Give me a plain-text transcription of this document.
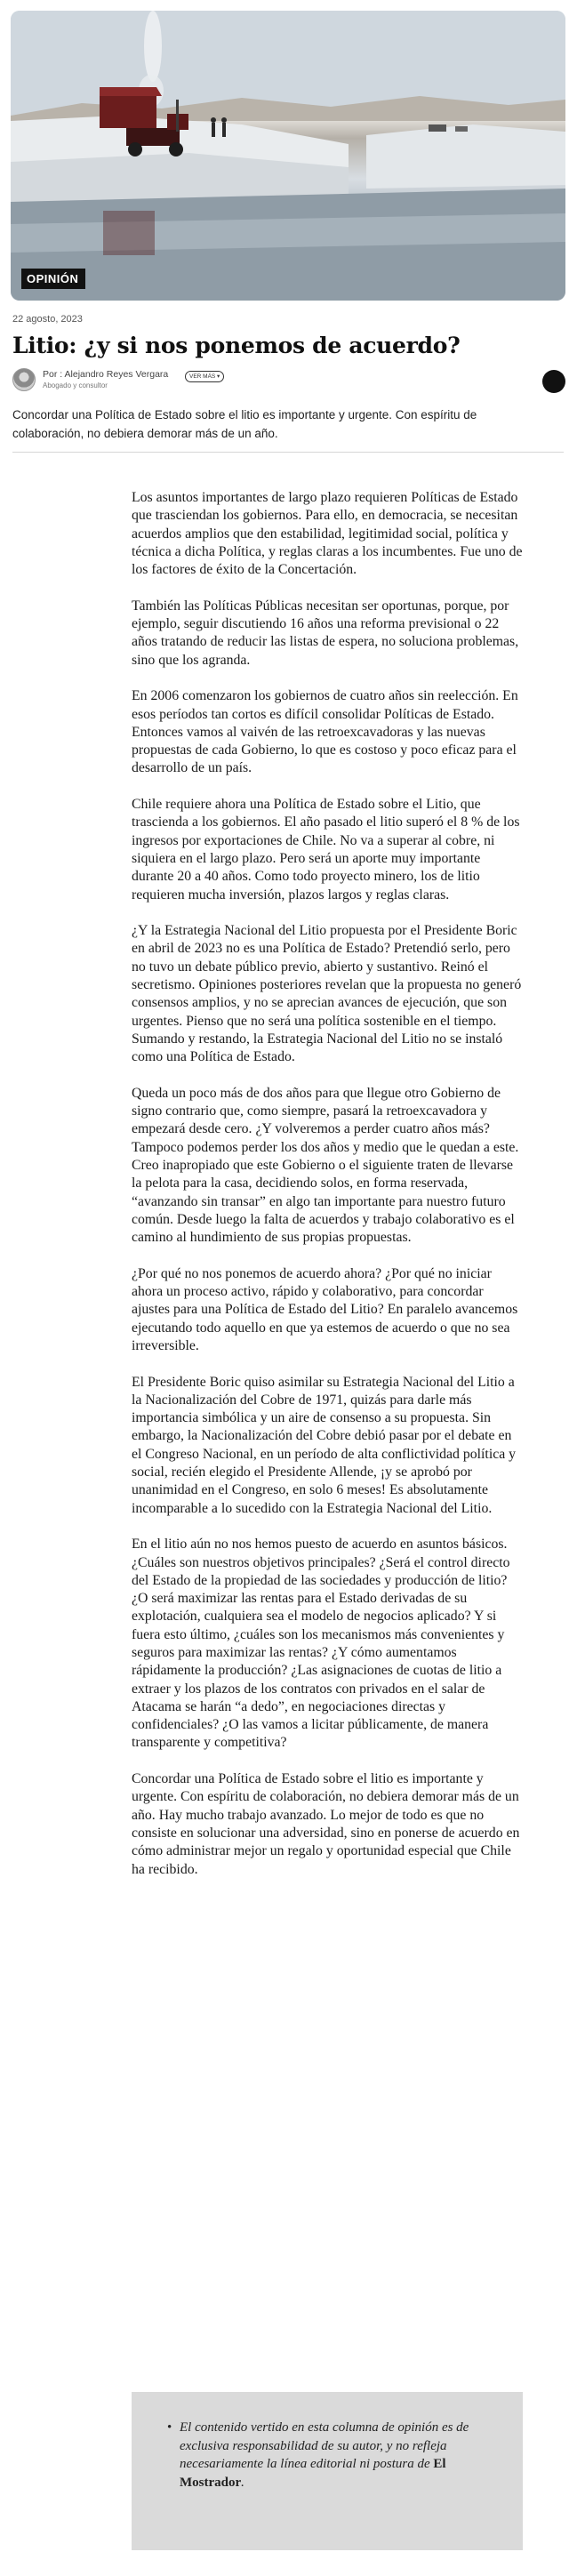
OPINIÓN
22 agosto, 2023
Litio: ¿y si nos ponemos de acuerdo?
Por : Alejandro Reyes Vergara
Abogado y consultor
VER MÁS ▾

Concordar una Política de Estado sobre el litio es importante y urgente. Con espíritu de colaboración, no debiera demorar más de un año.

Los asuntos importantes de largo plazo requieren Políticas de Estado que trasciendan los gobiernos. Para ello, en democracia, se necesitan acuerdos amplios que den estabilidad, legitimidad social, política y técnica a dicha Política, y reglas claras a los incumbentes. Fue uno de los factores de éxito de la Concertación.

También las Políticas Públicas necesitan ser oportunas, porque, por ejemplo, seguir discutiendo 16 años una reforma previsional o 22 años tratando de reducir las listas de espera, no soluciona problemas, sino que los agranda.

En 2006 comenzaron los gobiernos de cuatro años sin reelección. En esos períodos tan cortos es difícil consolidar Políticas de Estado. Entonces vamos al vaivén de las retroexcavadoras y las nuevas propuestas de cada Gobierno, lo que es costoso y poco eficaz para el desarrollo de un país.

Chile requiere ahora una Política de Estado sobre el Litio, que trascienda a los gobiernos. El año pasado el litio superó el 8 % de los ingresos por exportaciones de Chile. No va a superar al cobre, ni siquiera en el largo plazo. Pero será un aporte muy importante durante 20 a 40 años. Como todo proyecto minero, los de litio requieren mucha inversión, plazos largos y reglas claras.

¿Y la Estrategia Nacional del Litio propuesta por el Presidente Boric en abril de 2023 no es una Política de Estado? Pretendió serlo, pero no tuvo un debate público previo, abierto y sustantivo. Reinó el secretismo. Opiniones posteriores revelan que la propuesta no generó consensos amplios, y no se aprecian avances de ejecución, que son urgentes. Pienso que no será una política sostenible en el tiempo. Sumando y restando, la Estrategia Nacional del Litio no se instaló como una Política de Estado.

Queda un poco más de dos años para que llegue otro Gobierno de signo contrario que, como siempre, pasará la retroexcavadora y empezará desde cero. ¿Y volveremos a perder cuatro años más? Tampoco podemos perder los dos años y medio que le quedan a este. Creo inapropiado que este Gobierno o el siguiente traten de llevarse la pelota para la casa, decidiendo solos, en forma reservada, “avanzando sin transar” en algo tan importante para nuestro futuro común. Desde luego la falta de acuerdos y trabajo colaborativo es el camino al hundimiento de sus propias propuestas.

¿Por qué no nos ponemos de acuerdo ahora? ¿Por qué no iniciar ahora un proceso activo, rápido y colaborativo, para concordar ajustes para una Política de Estado del Litio? En paralelo avancemos ejecutando todo aquello en que ya estemos de acuerdo o que no sea irreversible.

El Presidente Boric quiso asimilar su Estrategia Nacional del Litio a la Nacionalización del Cobre de 1971, quizás para darle más importancia simbólica y un aire de consenso a su propuesta. Sin embargo, la Nacionalización del Cobre debió pasar por el debate en el Congreso Nacional, en un período de alta conflictividad política y social, recién elegido el Presidente Allende, ¡y se aprobó por unanimidad en el Congreso, en solo 6 meses! Es absolutamente incomparable a lo sucedido con la Estrategia Nacional del Litio.

En el litio aún no nos hemos puesto de acuerdo en asuntos básicos. ¿Cuáles son nuestros objetivos principales? ¿Será el control directo del Estado de la propiedad de las sociedades y producción de litio? ¿O será maximizar las rentas para el Estado derivadas de su explotación, cualquiera sea el modelo de negocios aplicado? Y si fuera esto último, ¿cuáles son los mecanismos más convenientes y seguros para maximizar las rentas? ¿Y cómo aumentamos rápidamente la producción? ¿Las asignaciones de cuotas de litio a extraer y los plazos de los contratos con privados en el salar de Atacama se harán “a dedo”, en negociaciones directas y confidenciales? ¿O las vamos a licitar públicamente, de manera transparente y competitiva?

Concordar una Política de Estado sobre el litio es importante y urgente. Con espíritu de colaboración, no debiera demorar más de un año. Hay mucho trabajo avanzado. Lo mejor de todo es que no consiste en solucionar una adversidad, sino en ponerse de acuerdo en cómo administrar mejor un regalo y oportunidad especial que Chile ha recibido.

• El contenido vertido en esta columna de opinión es de exclusiva responsabilidad de su autor, y no refleja necesariamente la línea editorial ni postura de El Mostrador.
